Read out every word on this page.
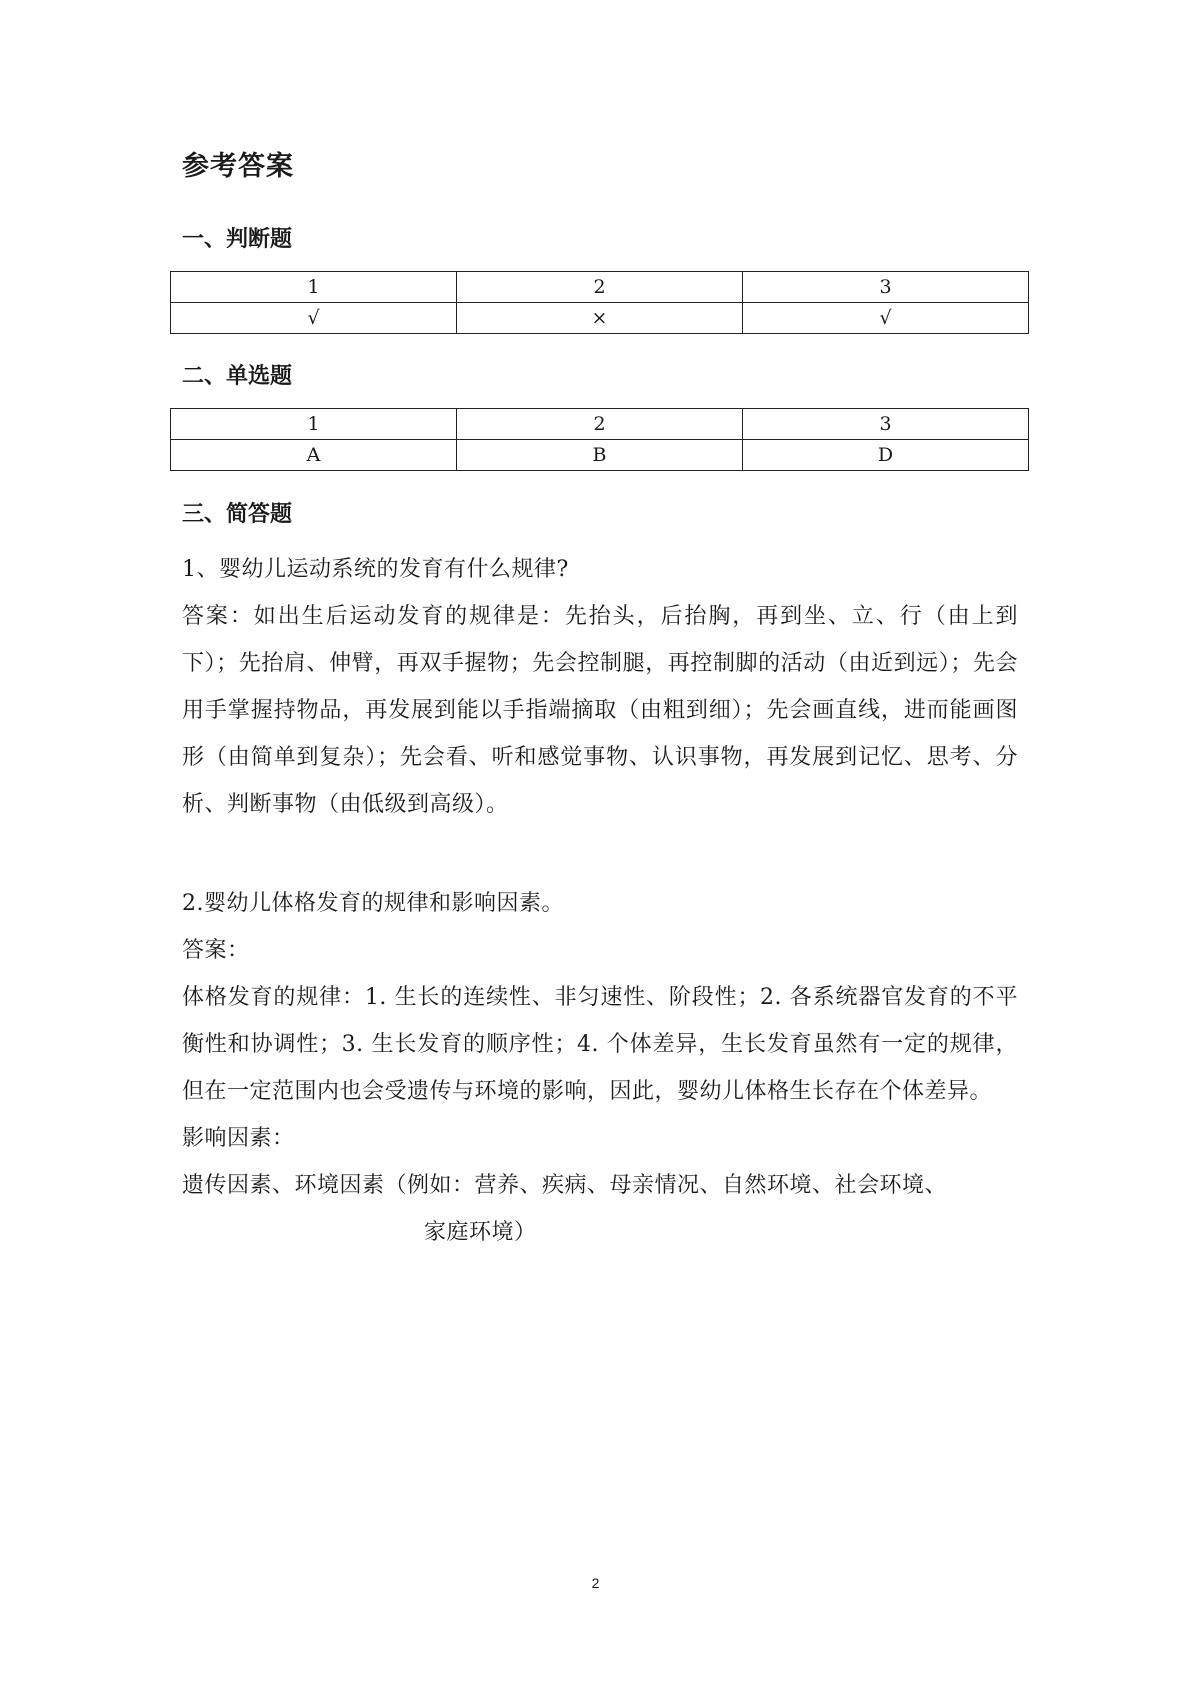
参考答案
一、判断题
1	2	3
√	×	√
二、单选题
1	2	3
A	B	D
三、简答题

1、婴幼儿运动系统的发育有什么规律?

答案：如出生后运动发育的规律是：先抬头，后抬胸，再到坐、立、行（由上到下）；先抬肩、伸臂，再双手握物；先会控制腿，再控制脚的活动（由近到远）；先会用手掌握持物品，再发展到能以手指端摘取（由粗到细）；先会画直线，进而能画图形（由简单到复杂）；先会看、听和感觉事物、认识事物，再发展到记忆、思考、分析、判断事物（由低级到高级）。

2.婴幼儿体格发育的规律和影响因素。

答案：

体格发育的规律：1. 生长的连续性、非匀速性、阶段性；2. 各系统器官发育的不平衡性和协调性；3. 生长发育的顺序性；4. 个体差异，生长发育虽然有一定的规律，但在一定范围内也会受遗传与环境的影响，因此，婴幼儿体格生长存在个体差异。

影响因素：

遗传因素、环境因素（例如：营养、疾病、母亲情况、自然环境、社会环境、

家庭环境）

2
